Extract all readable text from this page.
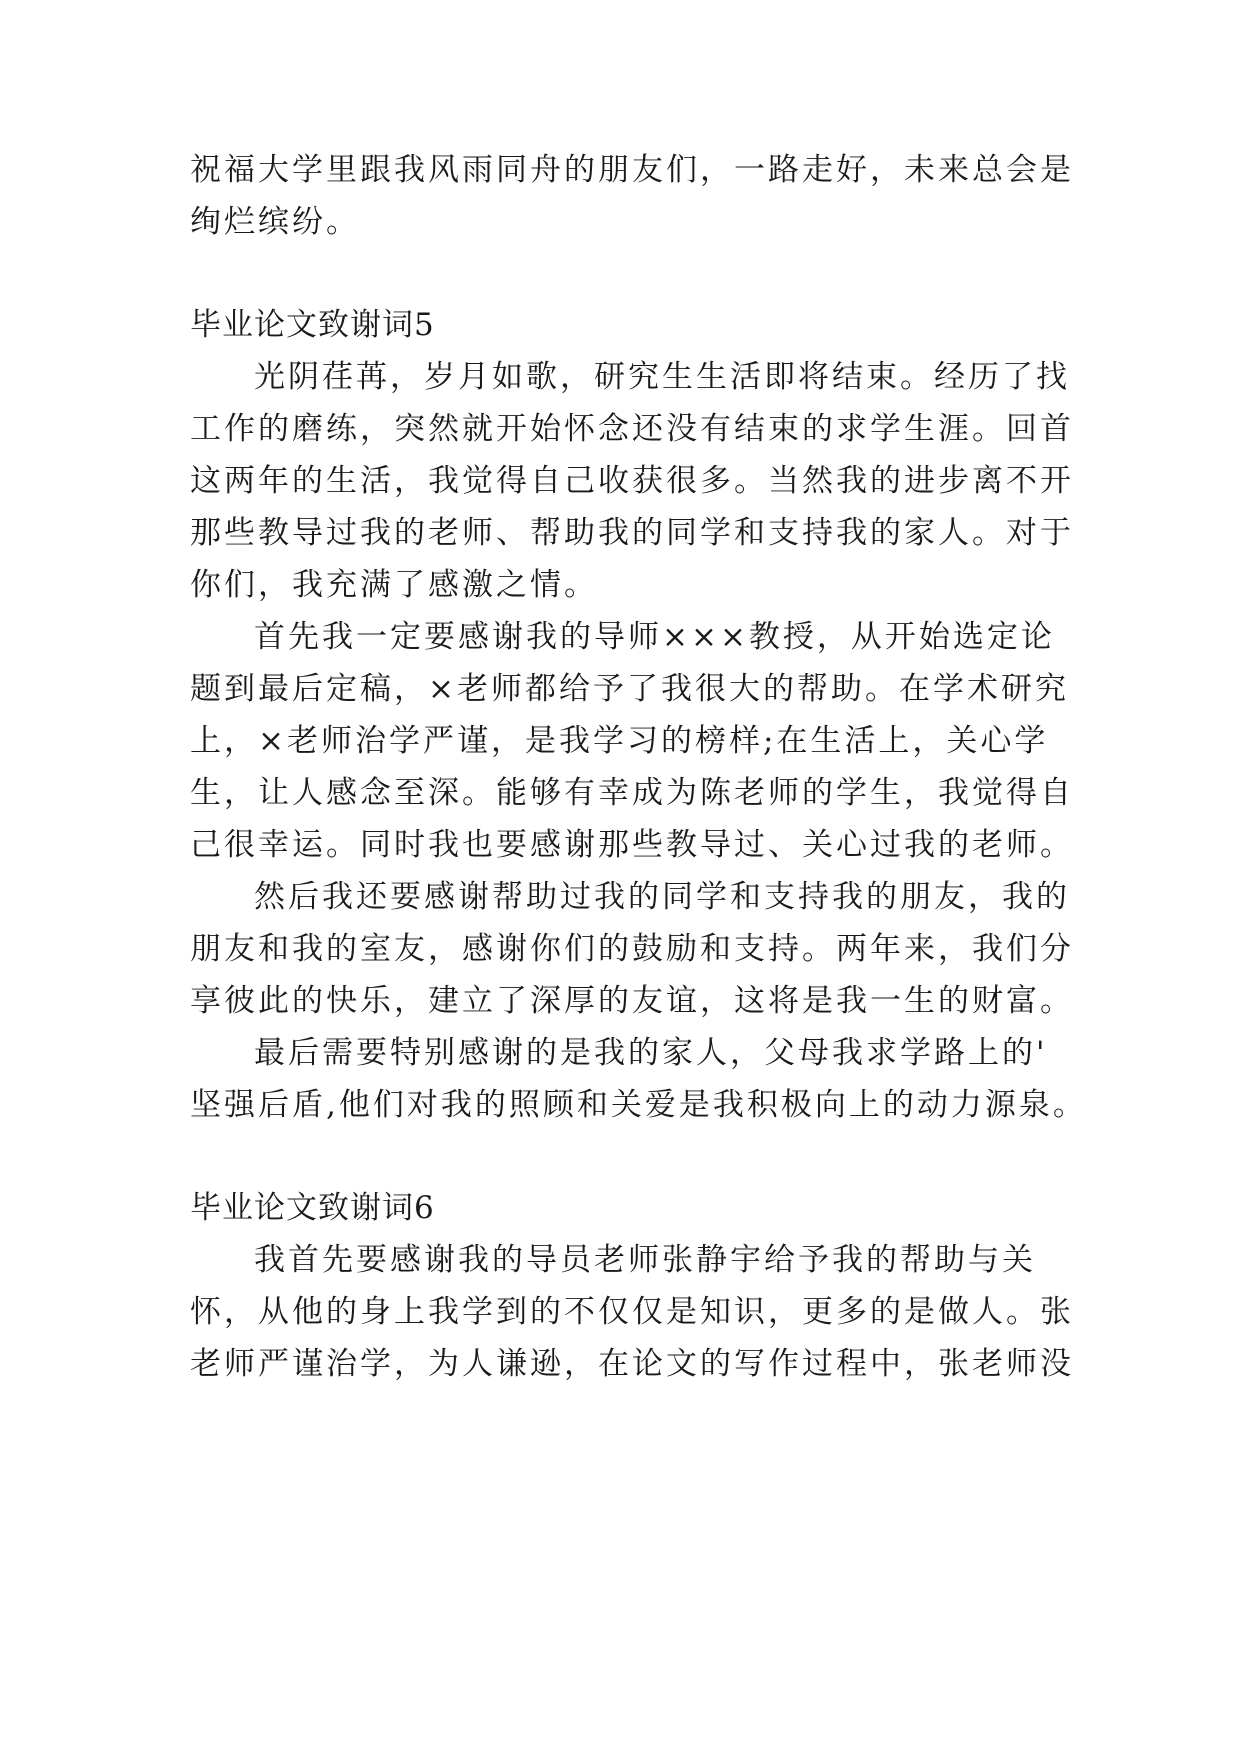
祝福大学里跟我风雨同舟的朋友们，一路走好，未来总会是
绚烂缤纷。
毕业论文致谢词5
光阴荏苒，岁月如歌，研究生生活即将结束。经历了找
工作的磨练，突然就开始怀念还没有结束的求学生涯。回首
这两年的生活，我觉得自己收获很多。当然我的进步离不开
那些教导过我的老师、帮助我的同学和支持我的家人。对于
你们，我充满了感激之情。
首先我一定要感谢我的导师×××教授，从开始选定论
题到最后定稿，×老师都给予了我很大的帮助。在学术研究
上，×老师治学严谨，是我学习的榜样;在生活上，关心学
生，让人感念至深。能够有幸成为陈老师的学生，我觉得自
己很幸运。同时我也要感谢那些教导过、关心过我的老师。
然后我还要感谢帮助过我的同学和支持我的朋友，我的
朋友和我的室友，感谢你们的鼓励和支持。两年来，我们分
享彼此的快乐，建立了深厚的友谊，这将是我一生的财富。
最后需要特别感谢的是我的家人，父母我求学路上的'
坚强后盾,他们对我的照顾和关爱是我积极向上的动力源泉。
毕业论文致谢词6
我首先要感谢我的导员老师张静宇给予我的帮助与关
怀，从他的身上我学到的不仅仅是知识，更多的是做人。张
老师严谨治学，为人谦逊，在论文的写作过程中，张老师没
